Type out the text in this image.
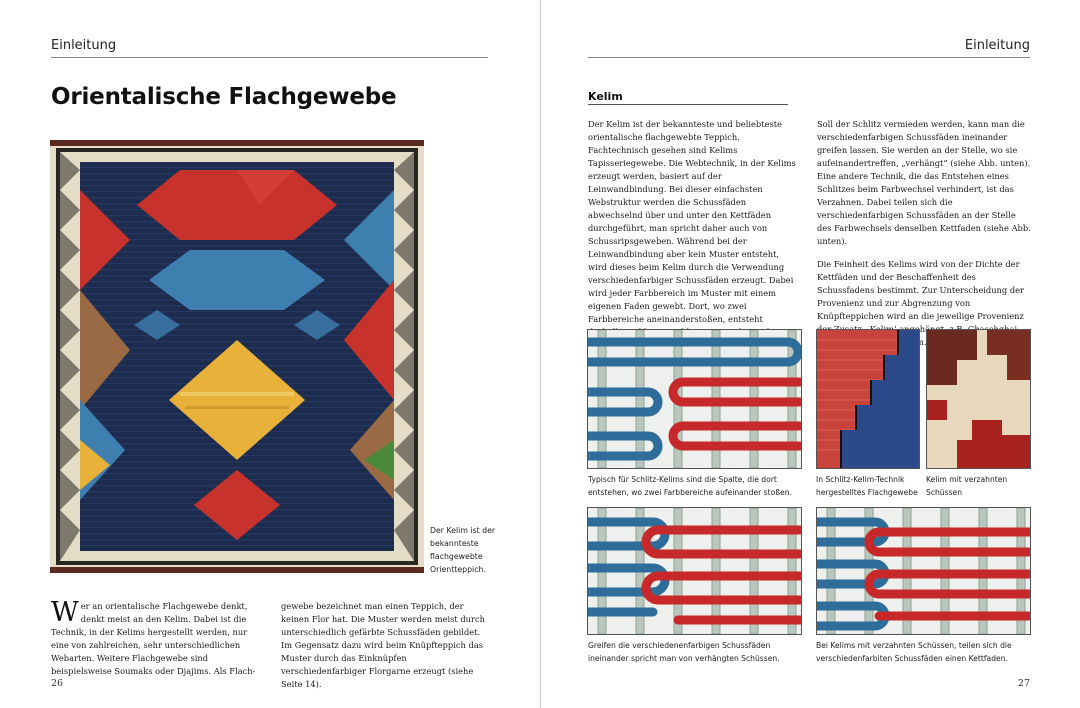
Einleitung
Orientalische Flachgewebe

Der Kelim ist der bekannteste flachgewebte Orientteppich.

Wer an orientalische Flachgewebe denkt, denkt meist an den Kelim. Dabei ist die Technik, in der Kelims hergestellt werden, nur eine von zahlreichen, sehr unterschiedlichen Webarten. Weitere Flachgewebe sind beispielsweise Soumaks oder Djajims. Als Flach-

gewebe bezeichnet man einen Teppich, der keinen Flor hat. Die Muster werden meist durch unterschiedlich gefärbte Schussfäden gebildet. Im Gegensatz dazu wird beim Knüpfteppich das Muster durch das Einknüpfen verschiedenfarbiger Florgarne erzeugt (siehe Seite 14).

26
Einleitung
Kelim

Der Kelim ist der bekannteste und beliebteste orientalische flachgewebte Teppich. Fachtechnisch gesehen sind Kelims Tapisseriegewebe. Die Webtechnik, in der Kelims erzeugt werden, basiert auf der Leinwandbindung. Bei dieser einfachsten Webstruktur werden die Schussfäden abwechselnd über und unter den Kettfäden durchgeführt, man spricht daher auch von Schussripsgeweben. Während bei der Leinwandbindung aber kein Muster entsteht, wird dieses beim Kelim durch die Verwendung verschiedenfarbiger Schussfäden erzeugt. Dabei wird jeder Farbbereich im Muster mit einem eigenen Faden gewebt. Dort, wo zwei Farbbereiche aneinanderstoßen, entsteht

Soll der Schlitz vermieden werden, kann man die verschiedenfarbigen Schussfäden ineinander greifen lassen. Sie werden an der Stelle, wo sie aufeinandertreffen, „verhängt“ (siehe Abb. unten). Eine andere Technik, die das Entstehen eines Schlitzes beim Farbwechsel verhindert, ist das Verzahnen. Dabei teilen sich die verschiedenfarbigen Schussfäden an der Stelle des Farbwechsels denselben Kettfaden (siehe Abb. unten).

Die Feinheit des Kelims wird von der Dichte der Kettfäden und der Beschaffenheit des Schussfadens bestimmt. Zur Unterscheidung der Provenienz und zur Abgrenzung von Knüpfteppichen wird an die jeweilige Provenienz angehängt,

Typisch für Schlitz-Kelims sind die Spalte, die dort entstehen, wo zwei Farbbereiche aufeinander stoßen.

In Schlitz-Kelim-Technik hergestelltes Flachgewebe

Kelim mit verzahnten Schüssen

Greifen die verschiedenenfarbigen Schussfäden ineinander spricht man von verhängten Schüssen.

Bei Kelims mit verzahnten Schüssen, teilen sich die verschiedenfarbiten Schussfäden einen Kettfaden.

27
